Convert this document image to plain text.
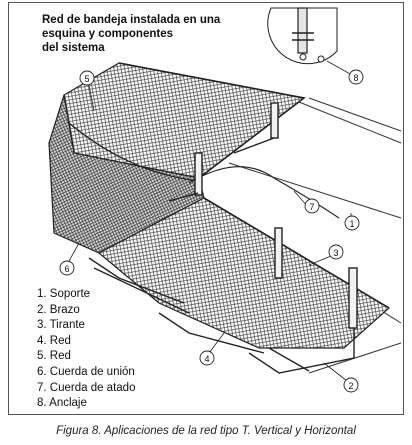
5
6
1
3
7
4
2
8
Red de bandeja instalada en una
esquina y componentes
del sistema
1. Soporte
2. Brazo
3. Tirante
4. Red
5. Red
6. Cuerda de unión
7. Cuerda de atado
8. Anclaje
Figura 8. Aplicaciones de la red tipo T. Vertical y Horizontal
